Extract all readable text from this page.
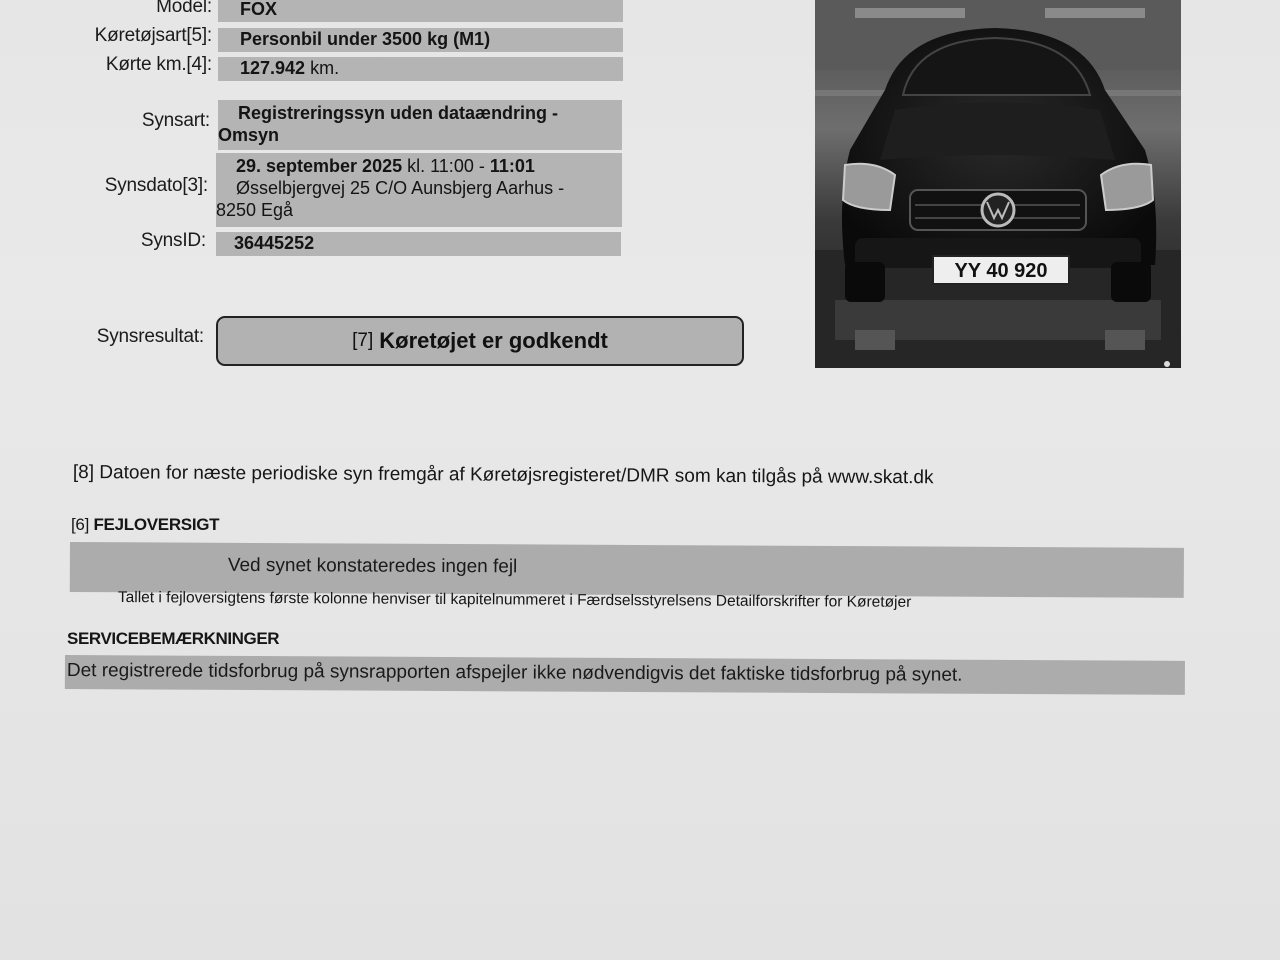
Model:	FOX
Køretøjsart[5]:	Personbil under 3500 kg (M1)
Kørte km.[4]:	127.942 km.
Synsart:	Registreringssyn uden dataændring -
Omsyn
Synsdato[3]:
29. september 2025 kl. 11:00 - 11:01
Øsselbjergvej 25 C/O Aunsbjerg Aarhus -
8250 Egå
SynsID:	36445252
Synsresultat:	[7] Køretøjet er godkendt
YY 40 920
[8] Datoen for næste periodiske syn fremgår af Køretøjsregisteret/DMR som kan tilgås på www.skat.dk
[6] FEJLOVERSIGT
Ved synet konstateredes ingen fejl
Tallet i fejloversigtens første kolonne henviser til kapitelnummeret i Færdselsstyrelsens Detailforskrifter for Køretøjer
SERVICEBEMÆRKNINGER
Det registrerede tidsforbrug på synsrapporten afspejler ikke nødvendigvis det faktiske tidsforbrug på synet.
